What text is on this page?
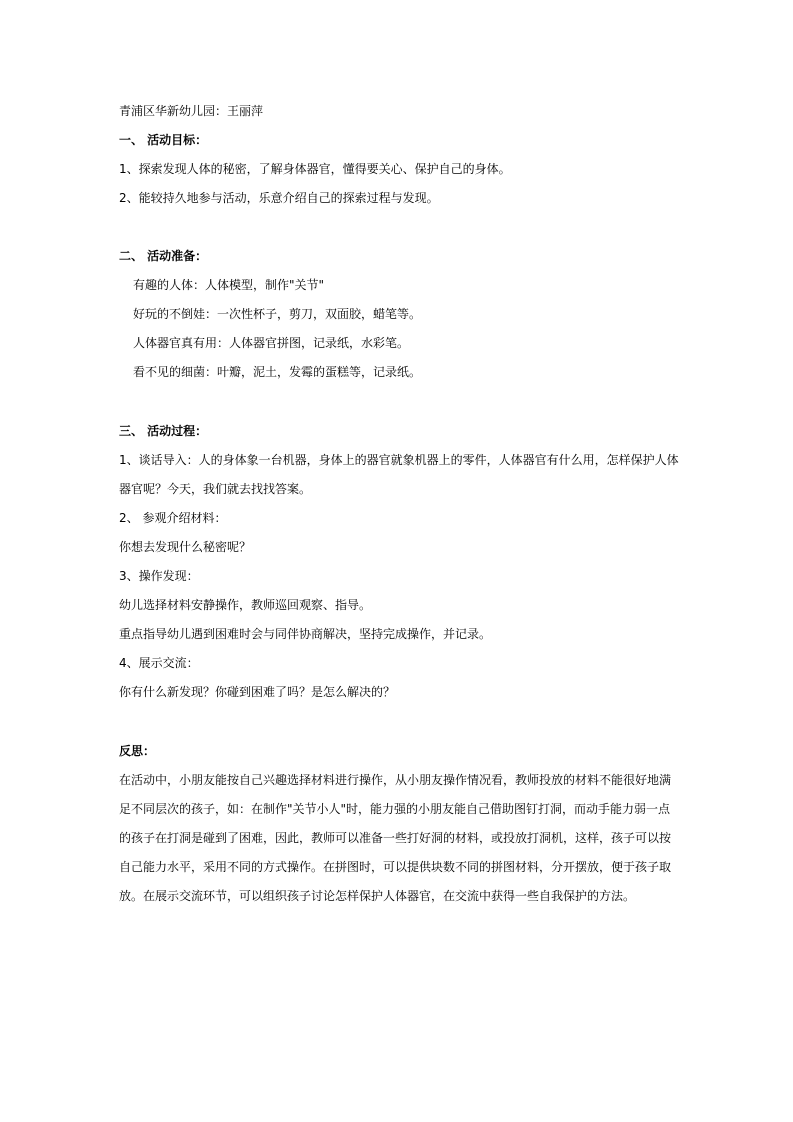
青浦区华新幼儿园：王丽萍
一、 活动目标：
1、探索发现人体的秘密，了解身体器官，懂得要关心、保护自己的身体。
2、能较持久地参与活动，乐意介绍自己的探索过程与发现。
二、 活动准备：
有趣的人体：人体模型，制作"关节"
好玩的不倒娃：一次性杯子，剪刀，双面胶，蜡笔等。
人体器官真有用：人体器官拼图，记录纸，水彩笔。
看不见的细菌：叶瓣，泥土，发霉的蛋糕等，记录纸。
三、 活动过程：
1、谈话导入：人的身体象一台机器，身体上的器官就象机器上的零件，人体器官有什么用，怎样保护人体
器官呢？今天，我们就去找找答案。
2、 参观介绍材料：
你想去发现什么秘密呢？
3、操作发现：
幼儿选择材料安静操作，教师巡回观察、指导。
重点指导幼儿遇到困难时会与同伴协商解决，坚持完成操作，并记录。
4、展示交流：
你有什么新发现？你碰到困难了吗？是怎么解决的？
反思：
在活动中，小朋友能按自己兴趣选择材料进行操作，从小朋友操作情况看，教师投放的材料不能很好地满
足不同层次的孩子，如：在制作"关节小人"时，能力强的小朋友能自己借助图钉打洞，而动手能力弱一点
的孩子在打洞是碰到了困难，因此，教师可以准备一些打好洞的材料，或投放打洞机，这样，孩子可以按
自己能力水平，采用不同的方式操作。在拼图时，可以提供块数不同的拼图材料，分开摆放，便于孩子取
放。在展示交流环节，可以组织孩子讨论怎样保护人体器官，在交流中获得一些自我保护的方法。
